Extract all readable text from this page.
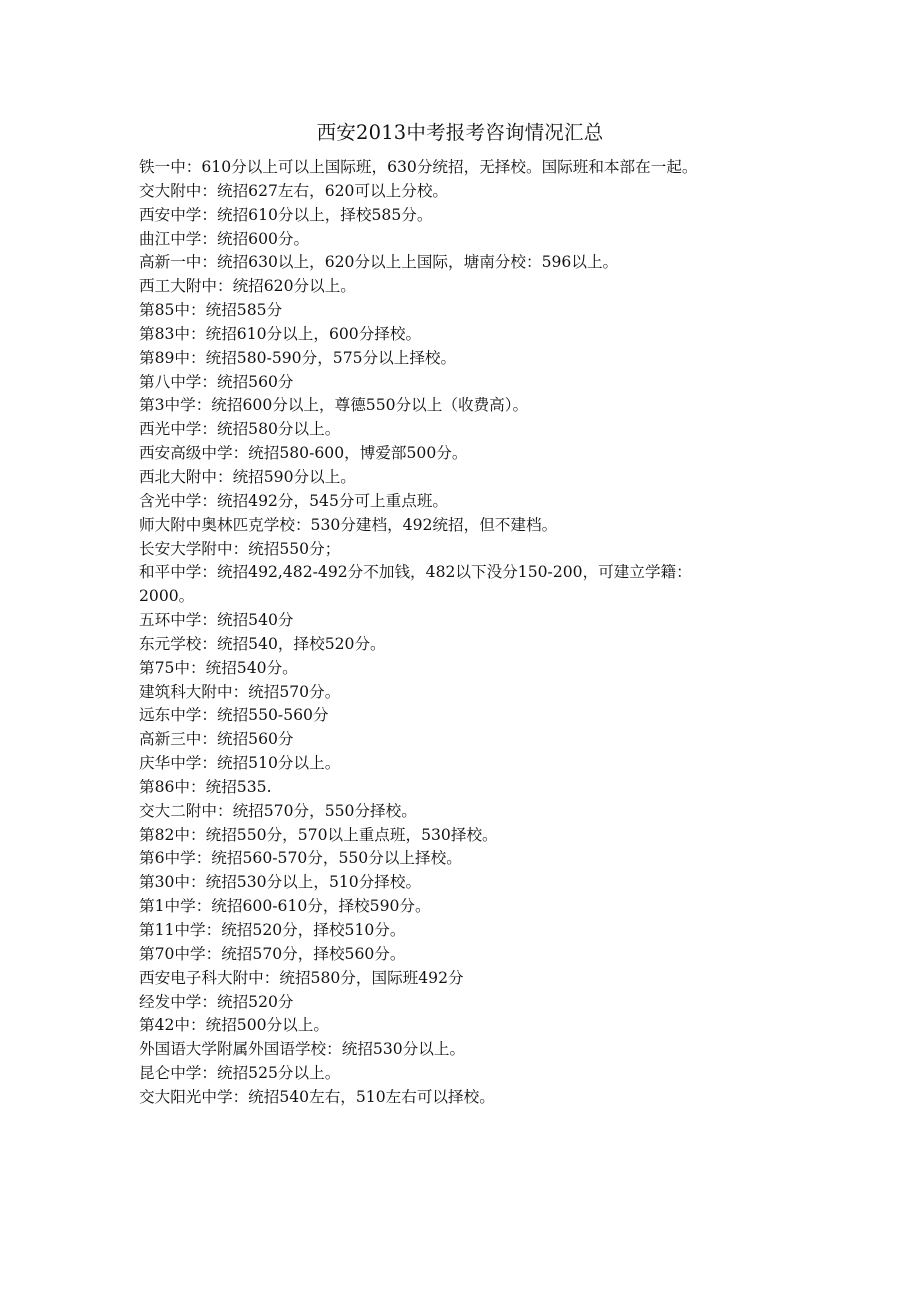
西安2013中考报考咨询情况汇总
铁一中：610分以上可以上国际班，630分统招，无择校。国际班和本部在一起。
交大附中：统招627左右，620可以上分校。
西安中学：统招610分以上，择校585分。
曲江中学：统招600分。
高新一中：统招630以上，620分以上上国际，塘南分校：596以上。
西工大附中：统招620分以上。
第85中：统招585分
第83中：统招610分以上，600分择校。
第89中：统招580-590分，575分以上择校。
第八中学：统招560分
第3中学：统招600分以上，尊德550分以上（收费高）。
西光中学：统招580分以上。
西安高级中学：统招580-600，博爱部500分。
西北大附中：统招590分以上。
含光中学：统招492分，545分可上重点班。
师大附中奥林匹克学校：530分建档，492统招，但不建档。
长安大学附中：统招550分；
和平中学：统招492,482-492分不加钱，482以下没分150-200，可建立学籍：
2000。
五环中学：统招540分
东元学校：统招540，择校520分。
第75中：统招540分。
建筑科大附中：统招570分。
远东中学：统招550-560分
高新三中：统招560分
庆华中学：统招510分以上。
第86中：统招535.
交大二附中：统招570分，550分择校。
第82中：统招550分，570以上重点班，530择校。
第6中学：统招560-570分，550分以上择校。
第30中：统招530分以上，510分择校。
第1中学：统招600-610分，择校590分。
第11中学：统招520分，择校510分。
第70中学：统招570分，择校560分。
西安电子科大附中：统招580分，国际班492分
经发中学：统招520分
第42中：统招500分以上。
外国语大学附属外国语学校：统招530分以上。
昆仑中学：统招525分以上。
交大阳光中学：统招540左右，510左右可以择校。
